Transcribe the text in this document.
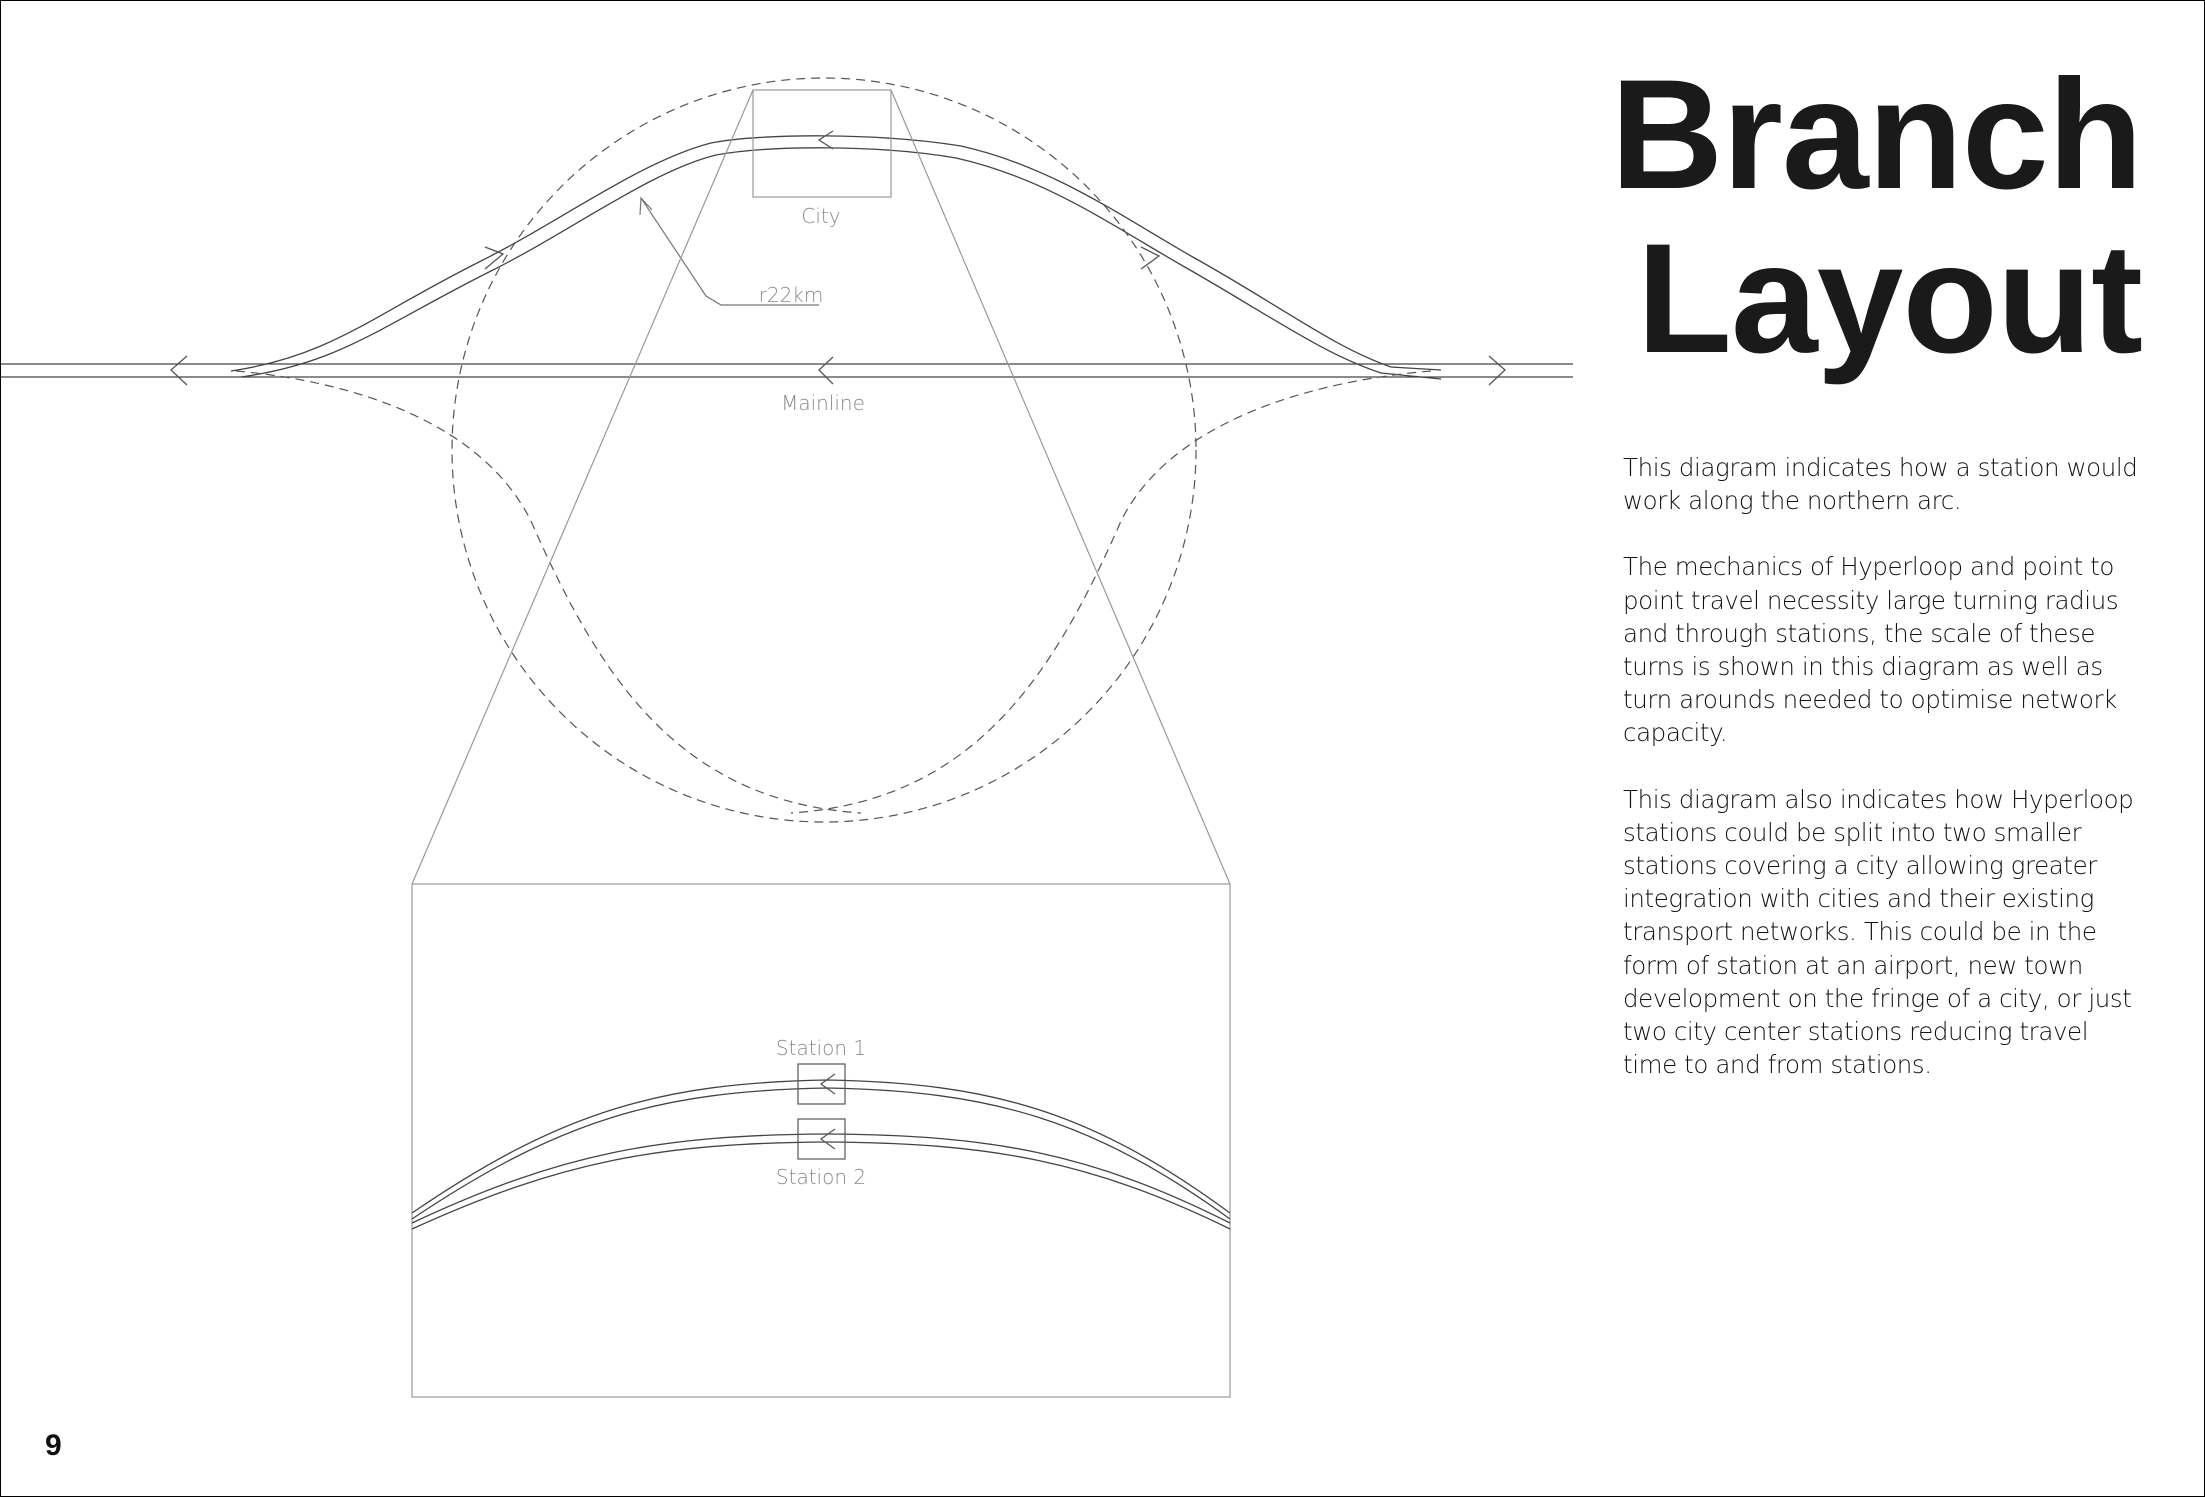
City
r22km
Mainline
Station 1
Station 2
Branch
Layout

This diagram indicates how a station would work along the northern arc.

The mechanics of Hyperloop and point to point travel necessity large turning radius and through stations, the scale of these turns is shown in this diagram as well as turn arounds needed to optimise network capacity.

This diagram also indicates how Hyperloop stations could be split into two smaller stations covering a city allowing greater integration with cities and their existing transport networks. This could be in the form of station at an airport, new town development on the fringe of a city, or just two city center stations reducing travel time to and from stations.

9
